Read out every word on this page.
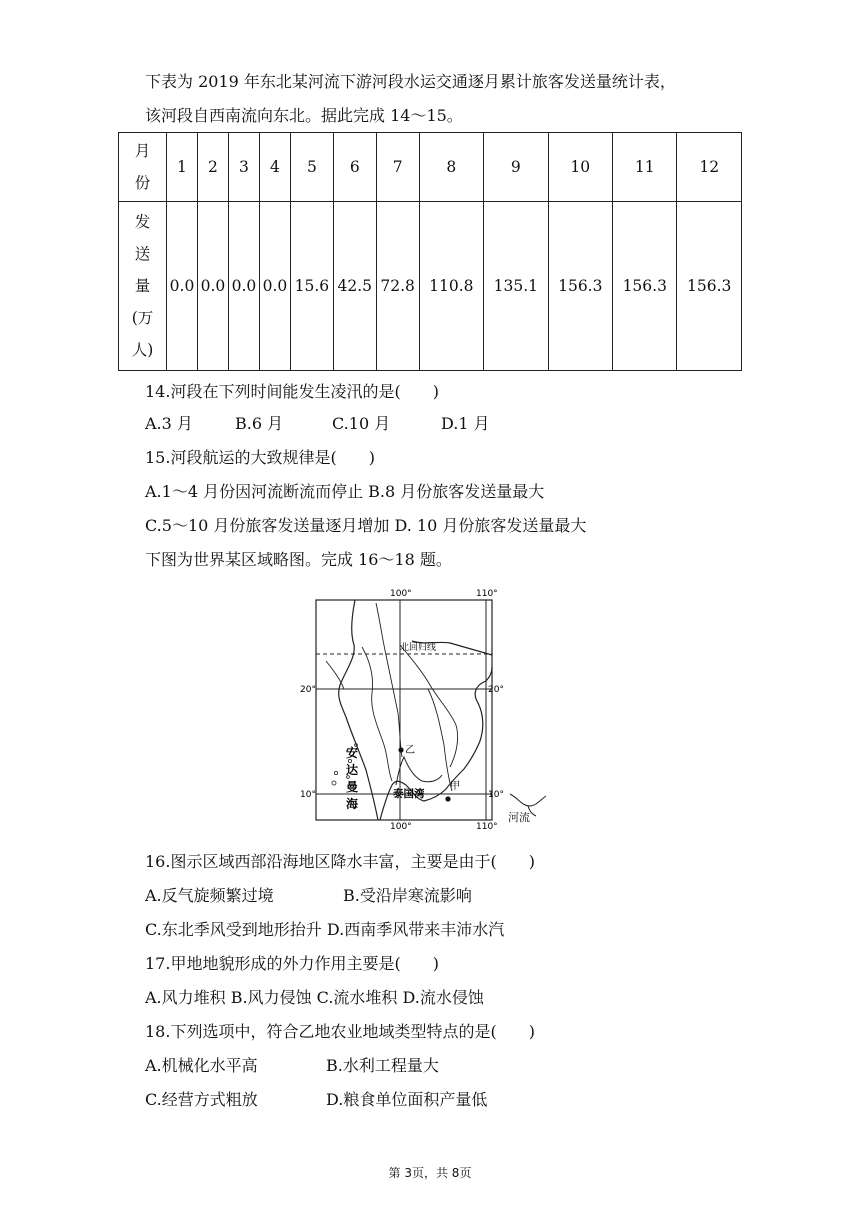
下表为 2019 年东北某河流下游河段水运交通逐月累计旅客发送量统计表，
该河段自西南流向东北。据此完成 14～15。
月
份	1	2	3	4	5	6	7	8	9	10	11	12

发
送
量
(万
人)	0.0	0.0	0.0	0.0	15.6	42.5	72.8	110.8	135.1	156.3	156.3	156.3
14.河段在下列时间能发生凌汛的是(　　)
A.3 月	B.6 月	C.10 月	D.1 月
15.河段航运的大致规律是(　　)
A.1～4 月份因河流断流而停止 B.8 月份旅客发送量最大
C.5～10 月份旅客发送量逐月增加 D. 10 月份旅客发送量最大
下图为世界某区域略图。完成 16～18 题。
100°	110°
100°	110°
20°	20°
10°	10°
北回归线
安
达
曼
海
泰国湾
乙
甲
河流
16.图示区域西部沿海地区降水丰富，主要是由于(　　)
A.反气旋频繁过境	B.受沿岸寒流影响
C.东北季风受到地形抬升 D.西南季风带来丰沛水汽
17.甲地地貌形成的外力作用主要是(　　)
A.风力堆积 B.风力侵蚀 C.流水堆积 D.流水侵蚀
18.下列选项中，符合乙地农业地域类型特点的是(　　)
A.机械化水平高	B.水利工程量大
C.经营方式粗放	D.粮食单位面积产量低
第 3页，共 8页
